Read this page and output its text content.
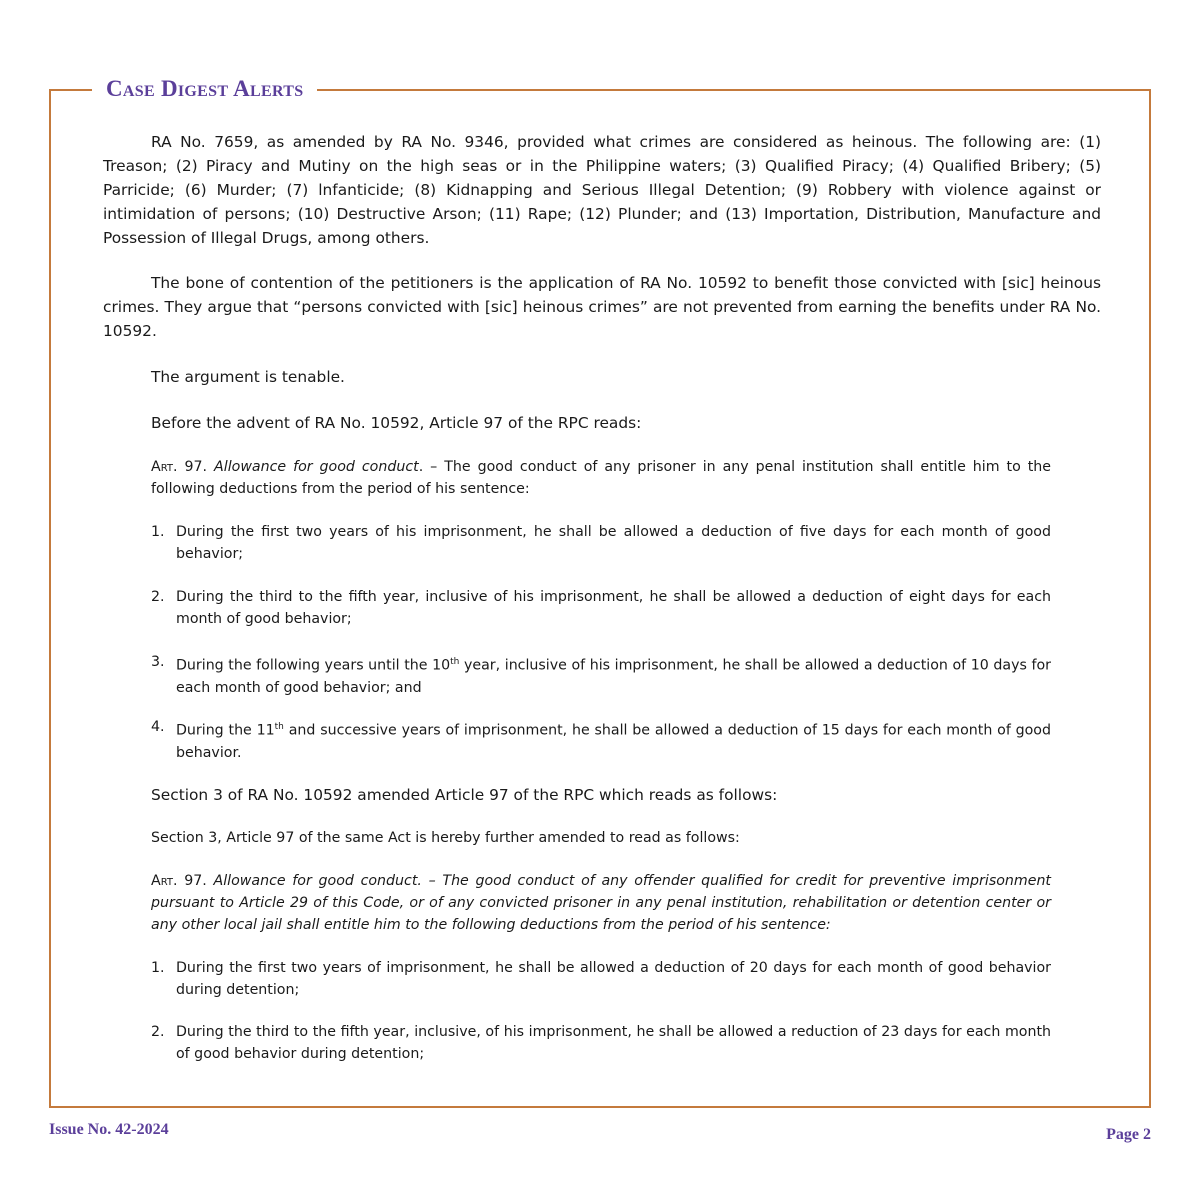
Case Digest Alerts

RA No. 7659, as amended by RA No. 9346, provided what crimes are considered as heinous. The following are: (1) Treason; (2) Piracy and Mutiny on the high seas or in the Philippine waters; (3) Qualified Piracy; (4) Qualified Bribery; (5) Parricide; (6) Murder; (7) lnfanticide; (8) Kidnapping and Serious Illegal Detention; (9) Robbery with violence against or intimidation of persons; (10) Destructive Arson; (11) Rape; (12) Plunder; and (13) Importation, Distribution, Manufacture and Possession of Illegal Drugs, among others.

The bone of contention of the petitioners is the application of RA No. 10592 to benefit those convicted with [sic] heinous crimes. They argue that “persons convicted with [sic] heinous crimes” are not prevented from earning the benefits under RA No. 10592.

The argument is tenable.

Before the advent of RA No. 10592, Article 97 of the RPC reads:

Art. 97. Allowance for good conduct. – The good conduct of any prisoner in any penal institution shall entitle him to the following deductions from the period of his sentence:

1. During the first two years of his imprisonment, he shall be allowed a deduction of five days for each month of good behavior;
2. During the third to the fifth year, inclusive of his imprisonment, he shall be allowed a deduction of eight days for each month of good behavior;
3. During the following years until the 10th year, inclusive of his imprisonment, he shall be allowed a deduction of 10 days for each month of good behavior; and
4. During the 11th and successive years of imprisonment, he shall be allowed a deduction of 15 days for each month of good behavior.

Section 3 of RA No. 10592 amended Article 97 of the RPC which reads as follows:

Section 3, Article 97 of the same Act is hereby further amended to read as follows:

Art. 97. Allowance for good conduct. – The good conduct of any offender qualified for credit for preventive imprisonment pursuant to Article 29 of this Code, or of any convicted prisoner in any penal institution, rehabilitation or detention center or any other local jail shall entitle him to the following deductions from the period of his sentence:

1. During the first two years of imprisonment, he shall be allowed a deduction of 20 days for each month of good behavior during detention;
2. During the third to the fifth year, inclusive, of his imprisonment, he shall be allowed a reduction of 23 days for each month of good behavior during detention;
Issue No. 42-2024	Page 2
